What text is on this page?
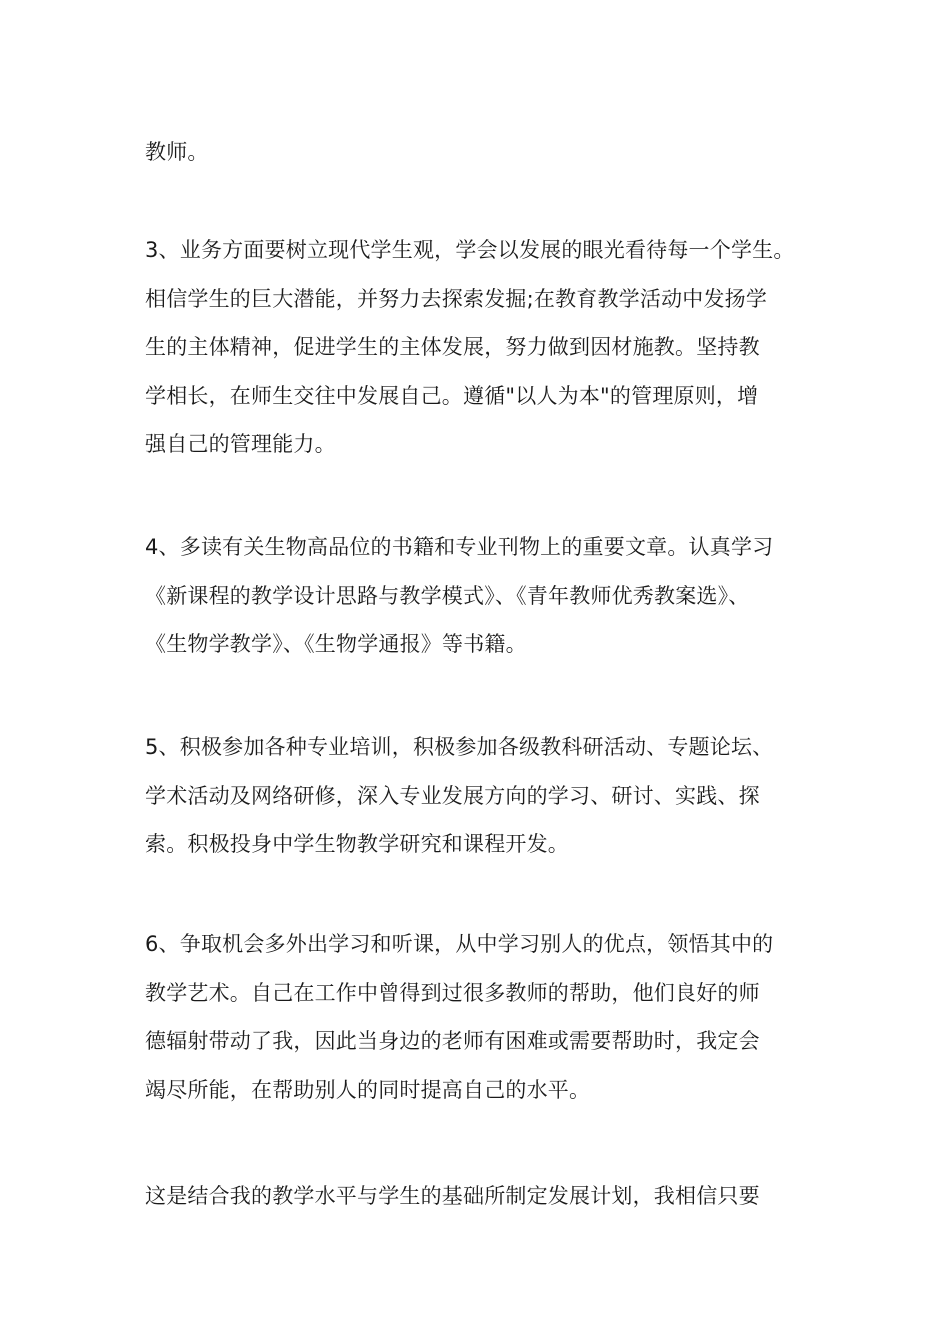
教师。
3、业务方面要树立现代学生观，学会以发展的眼光看待每一个学生。
相信学生的巨大潜能，并努力去探索发掘;在教育教学活动中发扬学
生的主体精神，促进学生的主体发展，努力做到因材施教。坚持教
学相长，在师生交往中发展自己。遵循"以人为本"的管理原则，增
强自己的管理能力。
4、多读有关生物高品位的书籍和专业刊物上的重要文章。认真学习
《新课程的教学设计思路与教学模式》、《青年教师优秀教案选》、
《生物学教学》、《生物学通报》等书籍。
5、积极参加各种专业培训，积极参加各级教科研活动、专题论坛、
学术活动及网络研修，深入专业发展方向的学习、研讨、实践、探
索。积极投身中学生物教学研究和课程开发。
6、争取机会多外出学习和听课，从中学习别人的优点，领悟其中的
教学艺术。自己在工作中曾得到过很多教师的帮助，他们良好的师
德辐射带动了我，因此当身边的老师有困难或需要帮助时，我定会
竭尽所能，在帮助别人的同时提高自己的水平。
这是结合我的教学水平与学生的基础所制定发展计划，我相信只要
